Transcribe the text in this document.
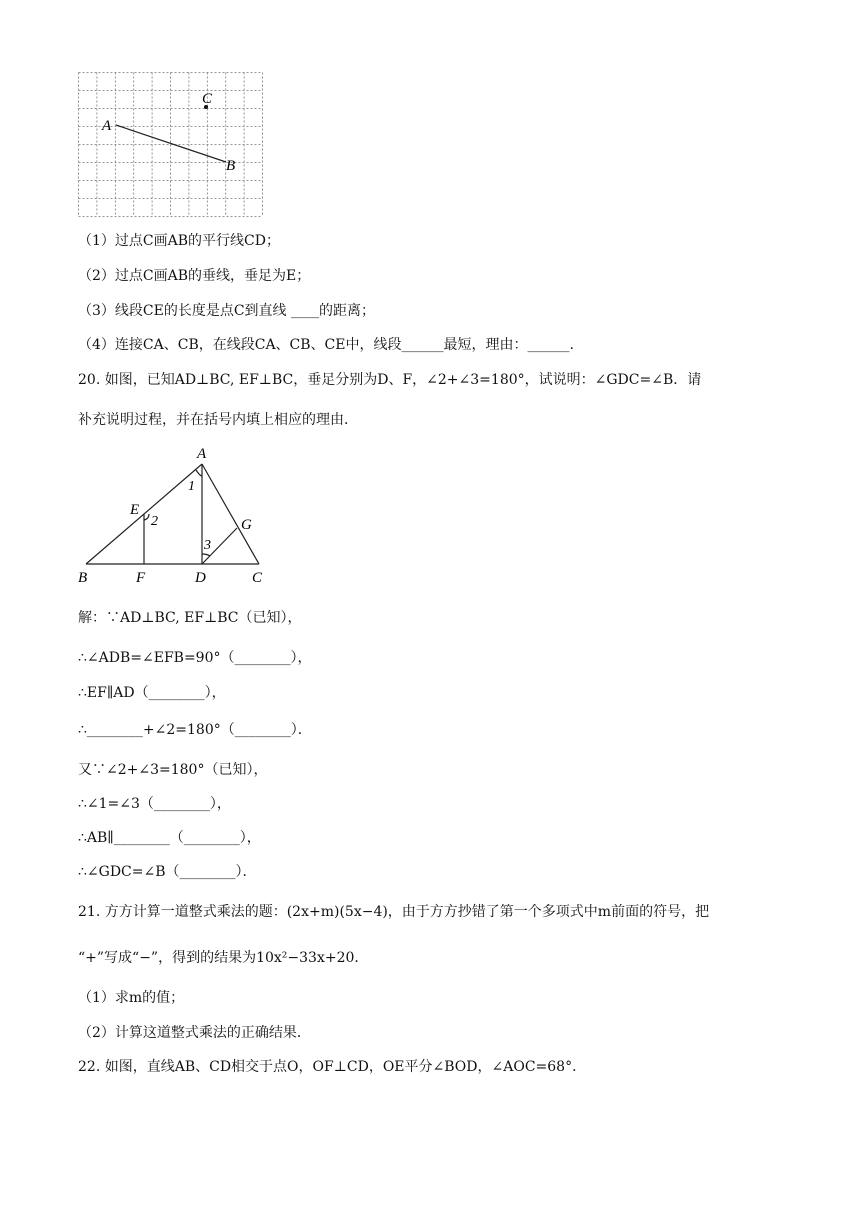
C
A
B
（1）过点C画AB的平行线CD；
（2）过点C画AB的垂线，垂足为E；
（3）线段CE的长度是点C到直线 ____的距离；
（4）连接CA、CB，在线段CA、CB、CE中，线段______最短，理由：______.
20. 如图，已知AD⊥BC, EF⊥BC，垂足分别为D、F，∠2+∠3=180°，试说明：∠GDC=∠B．请
补充说明过程，并在括号内填上相应的理由．
A
B	C
D
E
F
G
1
2
3
解：∵AD⊥BC, EF⊥BC（已知），
∴∠ADB=∠EFB=90°（________），
∴EF∥AD（________），
∴________+∠2=180°（________）．
又∵∠2+∠3=180°（已知），
∴∠1=∠3（________），
∴AB∥________（________），
∴∠GDC=∠B（________）．
21. 方方计算一道整式乘法的题：(2x+m)(5x−4)，由于方方抄错了第一个多项式中m前面的符号，把
“+”写成“−”，得到的结果为10x²−33x+20．
（1）求m的值；
（2）计算这道整式乘法的正确结果．
22. 如图，直线AB、CD相交于点O，OF⊥CD，OE平分∠BOD，∠AOC=68°．
